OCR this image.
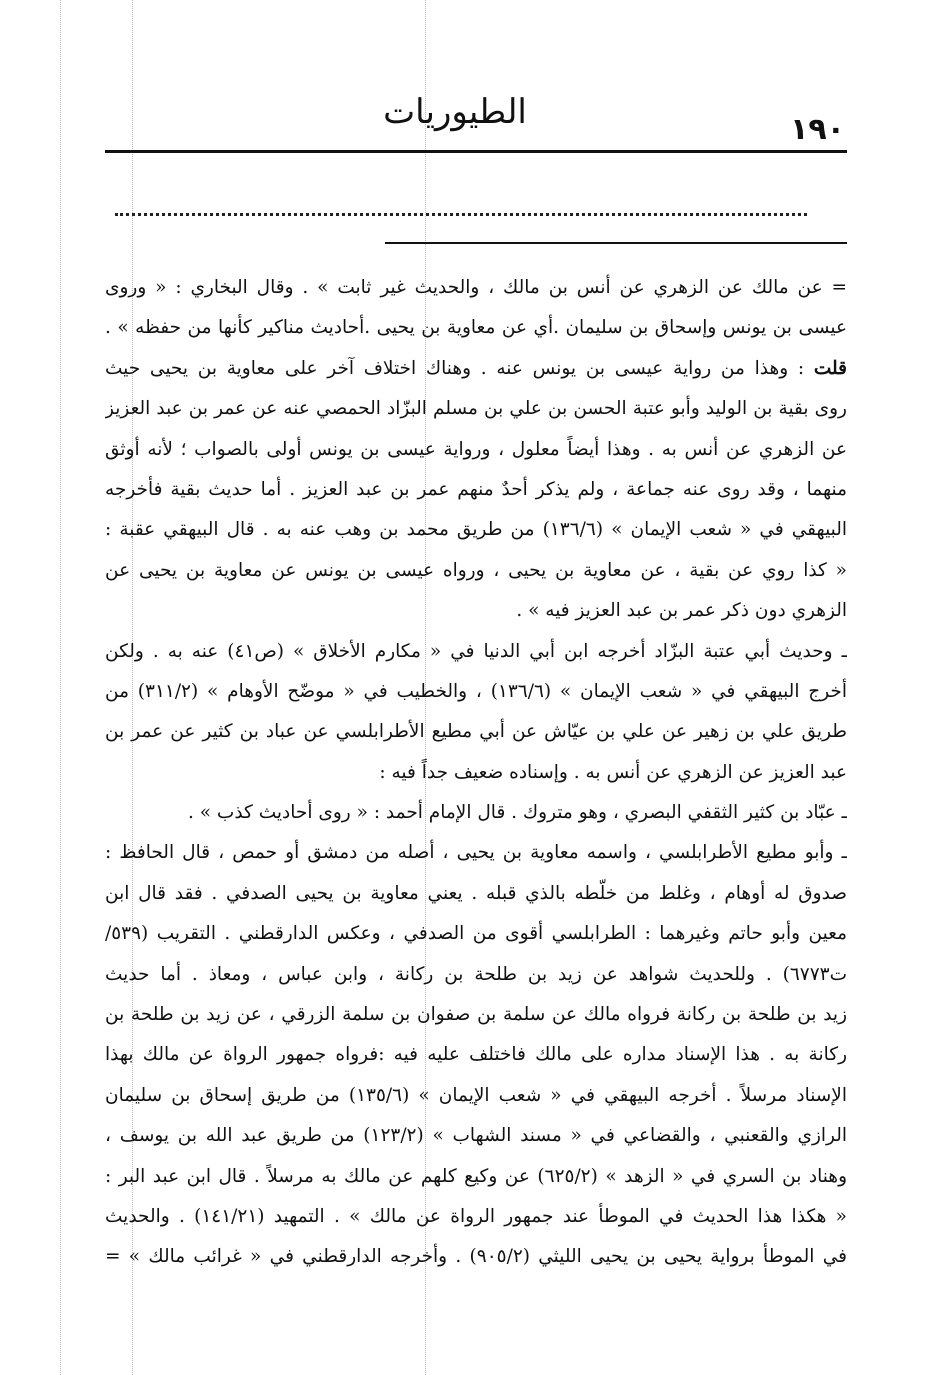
١٩٠
الطيوريات
= عن مالك عن الزهري عن أنس بن مالك ، والحديث غير ثابت » . وقال البخاري : « وروى
عيسى بن يونس وإسحاق بن سليمان .أي عن معاوية بن يحيى .أحاديث مناكير كأنها من حفظه » .
قلت : وهذا من رواية عيسى بن يونس عنه . وهناك اختلاف آخر على معاوية بن يحيى حيث
روى بقية بن الوليد وأبو عتبة الحسن بن علي بن مسلم البزّاد الحمصي عنه عن عمر بن عبد العزيز
عن الزهري عن أنس به . وهذا أيضاً معلول ، ورواية عيسى بن يونس أولى بالصواب ؛ لأنه أوثق
منهما ، وقد روى عنه جماعة ، ولم يذكر أحدٌ منهم عمر بن عبد العزيز . أما حديث بقية فأخرجه
البيهقي في « شعب الإيمان » (١٣٦/٦) من طريق محمد بن وهب عنه به . قال البيهقي عقبة :
« كذا روي عن بقية ، عن معاوية بن يحيى ، ورواه عيسى بن يونس عن معاوية بن يحيى عن
الزهري دون ذكر عمر بن عبد العزيز فيه » .
ـ وحديث أبي عتبة البزّاد أخرجه ابن أبي الدنيا في « مكارم الأخلاق » (ص٤١) عنه به . ولكن
أخرج البيهقي في « شعب الإيمان » (١٣٦/٦) ، والخطيب في « موضّح الأوهام » (٣١١/٢) من
طريق علي بن زهير عن علي بن عيّاش عن أبي مطيع الأطرابلسي عن عباد بن كثير عن عمر بن
عبد العزيز عن الزهري عن أنس به . وإسناده ضعيف جداً فيه :
ـ عبّاد بن كثير الثقفي البصري ، وهو متروك . قال الإمام أحمد : « روى أحاديث كذب » .
ـ وأبو مطيع الأطرابلسي ، واسمه معاوية بن يحيى ، أصله من دمشق أو حمص ، قال الحافظ :
صدوق له أوهام ، وغلط من خلّطه بالذي قبله . يعني معاوية بن يحيى الصدفي . فقد قال ابن
معين وأبو حاتم وغيرهما : الطرابلسي أقوى من الصدفي ، وعكس الدارقطني . التقريب (٥٣٩/
ت٦٧٧٣) . وللحديث شواهد عن زيد بن طلحة بن ركانة ، وابن عباس ، ومعاذ . أما حديث
زيد بن طلحة بن ركانة فرواه مالك عن سلمة بن صفوان بن سلمة الزرقي ، عن زيد بن طلحة بن
ركانة به . هذا الإسناد مداره على مالك فاختلف عليه فيه :فرواه جمهور الرواة عن مالك بهذا
الإسناد مرسلاً . أخرجه البيهقي في « شعب الإيمان » (١٣٥/٦) من طريق إسحاق بن سليمان
الرازي والقعنبي ، والقضاعي في « مسند الشهاب » (١٢٣/٢) من طريق عبد الله بن يوسف ،
وهناد بن السري في « الزهد » (٦٢٥/٢) عن وكيع كلهم عن مالك به مرسلاً . قال ابن عبد البر :
« هكذا هذا الحديث في الموطأ عند جمهور الرواة عن مالك » . التمهيد (١٤١/٢١) . والحديث
في الموطأ برواية يحيى بن يحيى الليثي (٩٠٥/٢) . وأخرجه الدارقطني في « غرائب مالك » =
